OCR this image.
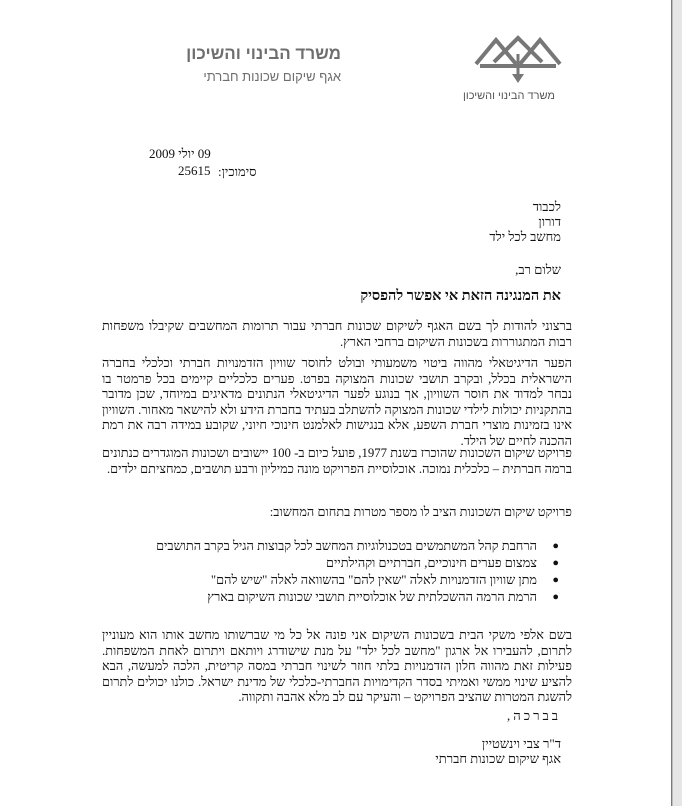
משרד הבינוי והשיכון
אגף שיקום שכונות חברתי
משרד הבינוי והשיכון
09 יולי 2009
25615 סימוכין:
לכבוד
דורון
מחשב לכל ילד
שלום רב,
את המנגינה הזאת אי אפשר להפסיק
ברצוני להודות לך בשם האגף לשיקום שכונות חברתי עבור תרומות המחשבים שקיבלו משפחות רבות המתגוררות בשכונות השיקום ברחבי הארץ.
הפער הדיגיטאלי מהווה ביטוי משמעותי ובולט לחוסר שוויון הזדמנויות חברתי וכלכלי בחברה הישראלית בכלל, ובקרב תושבי שכונות המצוקה בפרט. פערים כלכליים קיימים בכל פרמטר בו נבחר למדוד את חוסר השוויון, אך בנוגע לפער הדיגיטאלי הנתונים מדאיגים במיוחד, שכן מדובר בהתקניות יכולות לילדי שכונות המצוקה להשתלב בעתיד בחברת הידע ולא להישאר מאחור. השוויון אינו בזמינות מוצרי חברת השפע, אלא בנגישות לאלמנט חינוכי חיוני, שקובע במידה רבה את רמת ההכנה לחיים של הילד.
פרויקט שיקום השכונות שהוכרז בשנת 1977, פועל כיום ב- 100 יישובים ושכונות המוגדרים כנתונים ברמה חברתית – כלכלית נמוכה. אוכלוסיית הפרויקט מונה כמיליון ורבע תושבים, כמחציתם ילדים.
פרויקט שיקום השכונות הציב לו מספר מטרות בתחום המחשוב:
●
הרחבת קהל המשתמשים בטכנולוגיות המחשב לכל קבוצות הגיל בקרב התושבים
●
צמצום פערים חינוכיים, חברתיים וקהילתיים
●
מתן שוויון הזדמנויות לאלה "שאין להם" בהשוואה לאלה "שיש להם"
●
הרמת הרמה ההשכלתית של אוכלוסיית תושבי שכונות השיקום בארץ
בשם אלפי משקי הבית בשכונות השיקום אני פונה אל כל מי שברשותו מחשב אותו הוא מעוניין לתרום, להעבירו אל ארגון "מחשב לכל ילד" על מנת שישודרג ויותאם ויתרום לאחת המשפחות. פעילות זאת מהווה חלון הזדמנויות בלתי חוזר לשינוי חברתי במסה קריטית, הלכה למעשה, הבא להציע שינוי ממשי ואמיתי בסדר הקדימויות החברתי-כלכלי של מדינת ישראל. כולנו יכולים לתרום להשגת המטרות שהציב הפרויקט – והעיקר עם לב מלא אהבה ותקווה.
בברכה,
ד"ר צבי וינשטיין
אגף שיקום שכונות חברתי
